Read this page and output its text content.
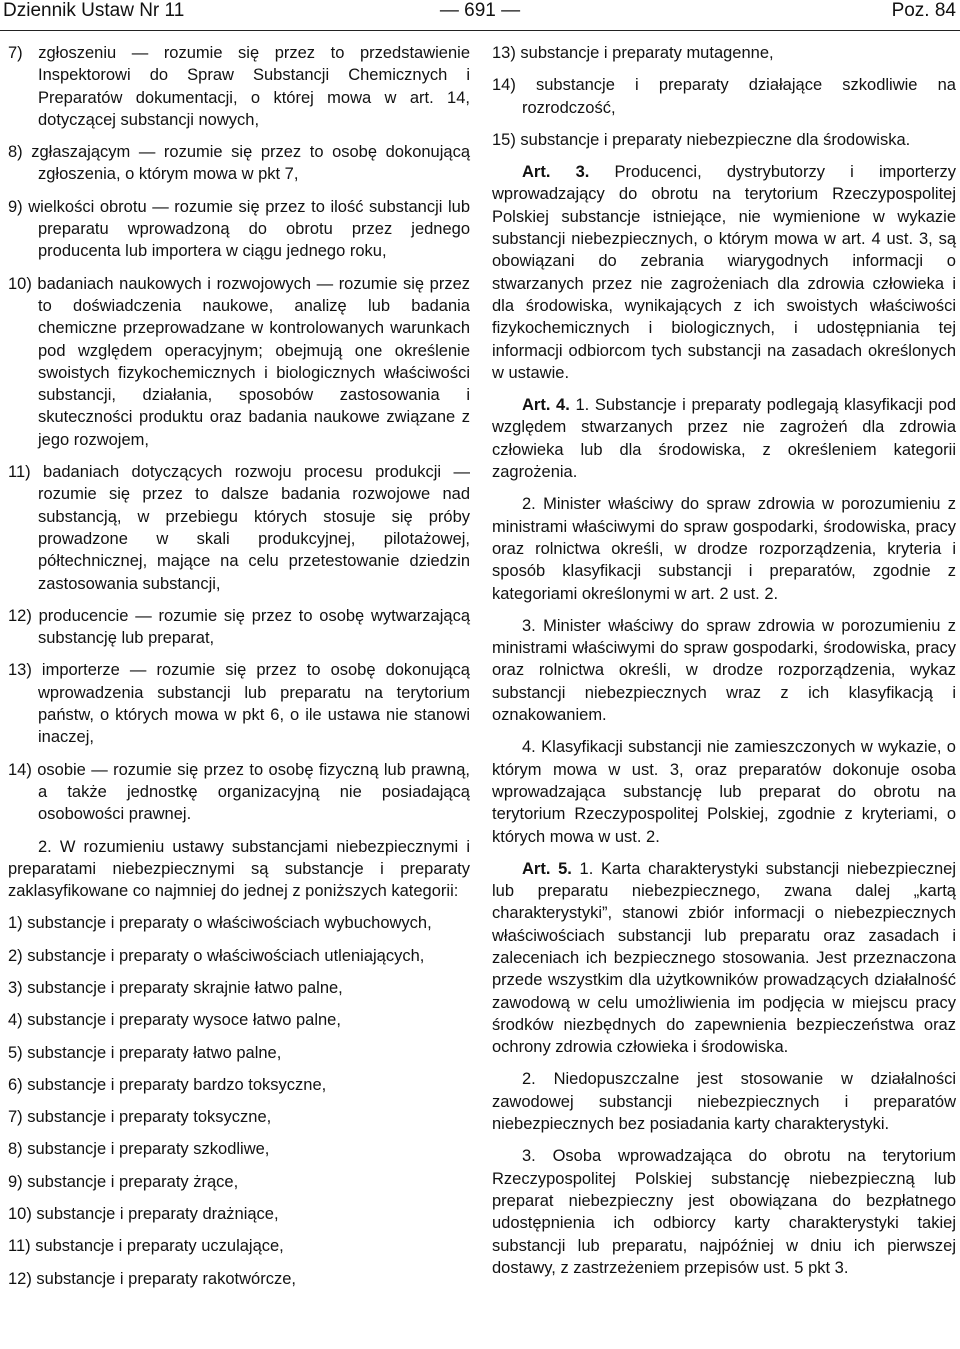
Dziennik Ustaw Nr 11	— 691 —	Poz. 84

7) zgłoszeniu — rozumie się przez to przedstawienie Inspektorowi do Spraw Substancji Chemicznych i Preparatów dokumentacji, o której mowa w art. 14, dotyczącej substancji nowych,

8) zgłaszającym — rozumie się przez to osobę dokonującą zgłoszenia, o którym mowa w pkt 7,

9) wielkości obrotu — rozumie się przez to ilość substancji lub preparatu wprowadzoną do obrotu przez jednego producenta lub importera w ciągu jednego roku,

10) badaniach naukowych i rozwojowych — rozumie się przez to doświadczenia naukowe, analizę lub badania chemiczne przeprowadzane w kontrolowanych warunkach pod względem operacyjnym; obejmują one określenie swoistych fizykochemicznych i biologicznych właściwości substancji, działania, sposobów zastosowania i skuteczności produktu oraz badania naukowe związane z jego rozwojem,

11) badaniach dotyczących rozwoju procesu produkcji — rozumie się przez to dalsze badania rozwojowe nad substancją, w przebiegu których stosuje się próby prowadzone w skali produkcyjnej, pilotażowej, półtechnicznej, mające na celu przetestowanie dziedzin zastosowania substancji,

12) producencie — rozumie się przez to osobę wytwarzającą substancję lub preparat,

13) importerze — rozumie się przez to osobę dokonującą wprowadzenia substancji lub preparatu na terytorium państw, o których mowa w pkt 6, o ile ustawa nie stanowi inaczej,

14) osobie — rozumie się przez to osobę fizyczną lub prawną, a także jednostkę organizacyjną nie posiadającą osobowości prawnej.

2. W rozumieniu ustawy substancjami niebezpiecznymi i preparatami niebezpiecznymi są substancje i preparaty zaklasyfikowane co najmniej do jednej z poniższych kategorii:

1) substancje i preparaty o właściwościach wybuchowych,

2) substancje i preparaty o właściwościach utleniających,

3) substancje i preparaty skrajnie łatwo palne,

4) substancje i preparaty wysoce łatwo palne,

5) substancje i preparaty łatwo palne,

6) substancje i preparaty bardzo toksyczne,

7) substancje i preparaty toksyczne,

8) substancje i preparaty szkodliwe,

9) substancje i preparaty żrące,

10) substancje i preparaty drażniące,

11) substancje i preparaty uczulające,

12) substancje i preparaty rakotwórcze,

13) substancje i preparaty mutagenne,

14) substancje i preparaty działające szkodliwie na rozrodczość,

15) substancje i preparaty niebezpieczne dla środowiska.

Art. 3. Producenci, dystrybutorzy i importerzy wprowadzający do obrotu na terytorium Rzeczypospolitej Polskiej substancje istniejące, nie wymienione w wykazie substancji niebezpiecznych, o którym mowa w art. 4 ust. 3, są obowiązani do zebrania wiarygodnych informacji o stwarzanych przez nie zagrożeniach dla zdrowia człowieka i dla środowiska, wynikających z ich swoistych właściwości fizykochemicznych i biologicznych, i udostępniania tej informacji odbiorcom tych substancji na zasadach określonych w ustawie.

Art. 4. 1. Substancje i preparaty podlegają klasyfikacji pod względem stwarzanych przez nie zagrożeń dla zdrowia człowieka lub dla środowiska, z określeniem kategorii zagrożenia.

2. Minister właściwy do spraw zdrowia w porozumieniu z ministrami właściwymi do spraw gospodarki, środowiska, pracy oraz rolnictwa określi, w drodze rozporządzenia, kryteria i sposób klasyfikacji substancji i preparatów, zgodnie z kategoriami określonymi w art. 2 ust. 2.

3. Minister właściwy do spraw zdrowia w porozumieniu z ministrami właściwymi do spraw gospodarki, środowiska, pracy oraz rolnictwa określi, w drodze rozporządzenia, wykaz substancji niebezpiecznych wraz z ich klasyfikacją i oznakowaniem.

4. Klasyfikacji substancji nie zamieszczonych w wykazie, o którym mowa w ust. 3, oraz preparatów dokonuje osoba wprowadzająca substancję lub preparat do obrotu na terytorium Rzeczypospolitej Polskiej, zgodnie z kryteriami, o których mowa w ust. 2.

Art. 5. 1. Karta charakterystyki substancji niebezpiecznej lub preparatu niebezpiecznego, zwana dalej „kartą charakterystyki”, stanowi zbiór informacji o niebezpiecznych właściwościach substancji lub preparatu oraz zasadach i zaleceniach ich bezpiecznego stosowania. Jest przeznaczona przede wszystkim dla użytkowników prowadzących działalność zawodową w celu umożliwienia im podjęcia w miejscu pracy środków niezbędnych do zapewnienia bezpieczeństwa oraz ochrony zdrowia człowieka i środowiska.

2. Niedopuszczalne jest stosowanie w działalności zawodowej substancji niebezpiecznych i preparatów niebezpiecznych bez posiadania karty charakterystyki.

3. Osoba wprowadzająca do obrotu na terytorium Rzeczypospolitej Polskiej substancję niebezpieczną lub preparat niebezpieczny jest obowiązana do bezpłatnego udostępnienia ich odbiorcy karty charakterystyki takiej substancji lub preparatu, najpóźniej w dniu ich pierwszej dostawy, z zastrzeżeniem przepisów ust. 5 pkt 3.
